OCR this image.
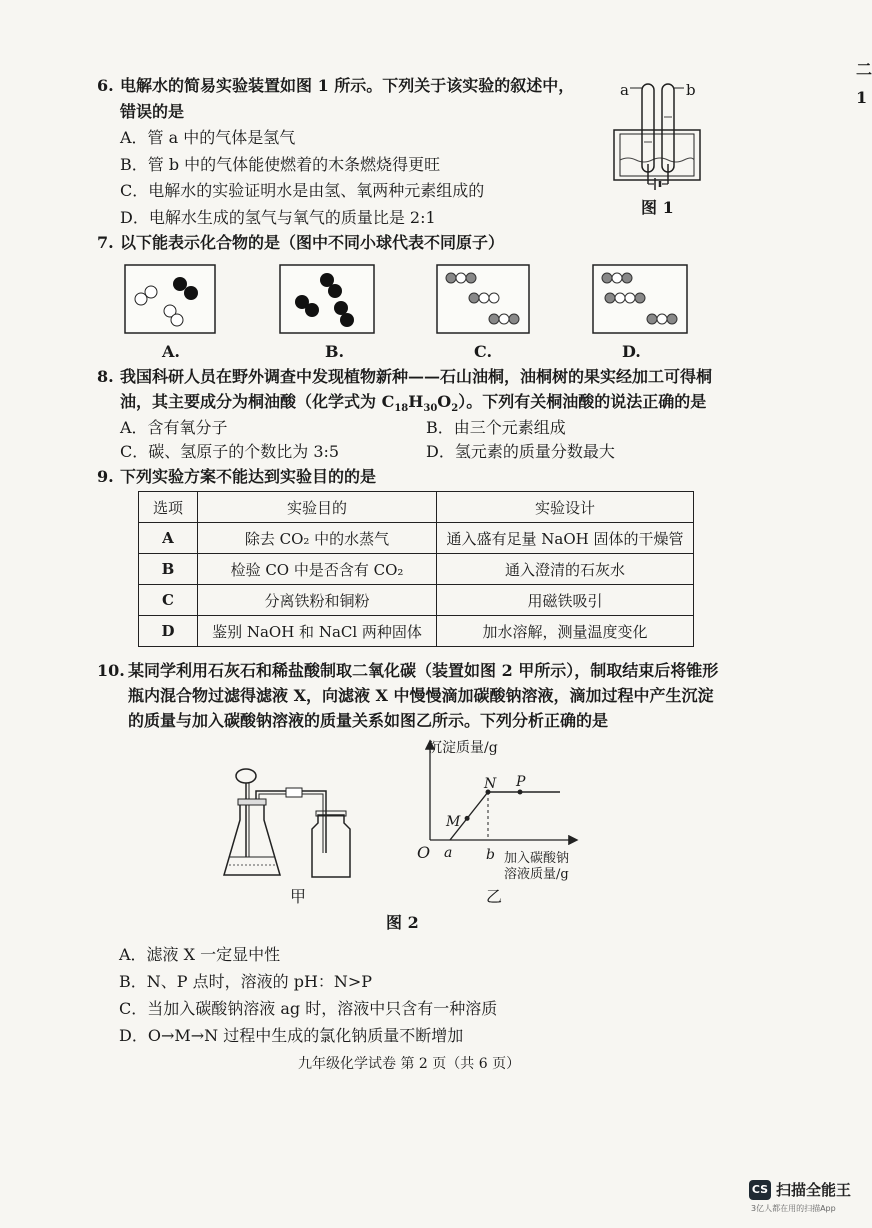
二
1
6. 电解水的简易实验装置如图 1 所示。下列关于该实验的叙述中，
错误的是
A．管 a 中的气体是氢气
B．管 b 中的气体能使燃着的木条燃烧得更旺
C．电解水的实验证明水是由氢、氧两种元素组成的
D．电解水生成的氢气与氧气的质量比是 2:1
a	b
图 1
7. 以下能表示化合物的是（图中不同小球代表不同原子）
A.	B.	C.	D.
8. 我国科研人员在野外调查中发现植物新种——石山油桐，油桐树的果实经加工可得桐
油，其主要成分为桐油酸（化学式为 $C_{18}H_{30}O_2$）。下列有关桐油酸的说法正确的是
A．含有氧分子	B．由三个元素组成
C．碳、氢原子的个数比为 3:5	D．氢元素的质量分数最大
9. 下列实验方案不能达到实验目的的是
选项	实验目的	实验设计
A	除去 CO₂ 中的水蒸气	通入盛有足量 NaOH 固体的干燥管
B	检验 CO 中是否含有 CO₂	通入澄清的石灰水
C	分离铁粉和铜粉	用磁铁吸引
D	鉴别 NaOH 和 NaCl 两种固体	加水溶解，测量温度变化
10. 某同学利用石灰石和稀盐酸制取二氧化碳（装置如图 2 甲所示），制取结束后将锥形
瓶内混合物过滤得滤液 X，向滤液 X 中慢慢滴加碳酸钠溶液，滴加过程中产生沉淀
的质量与加入碳酸钠溶液的质量关系如图乙所示。下列分析正确的是
甲
沉淀质量/g
加入碳酸钠
溶液质量/g
O a b
M
N P
乙
图 2
A．滤液 X 一定显中性
B．N、P 点时，溶液的 pH：N>P
C．当加入碳酸钠溶液 ag 时，溶液中只含有一种溶质
D．O→M→N 过程中生成的氯化钠质量不断增加
九年级化学试卷 第 2 页（共 6 页）
CS 扫描全能王
3亿人都在用的扫描App
